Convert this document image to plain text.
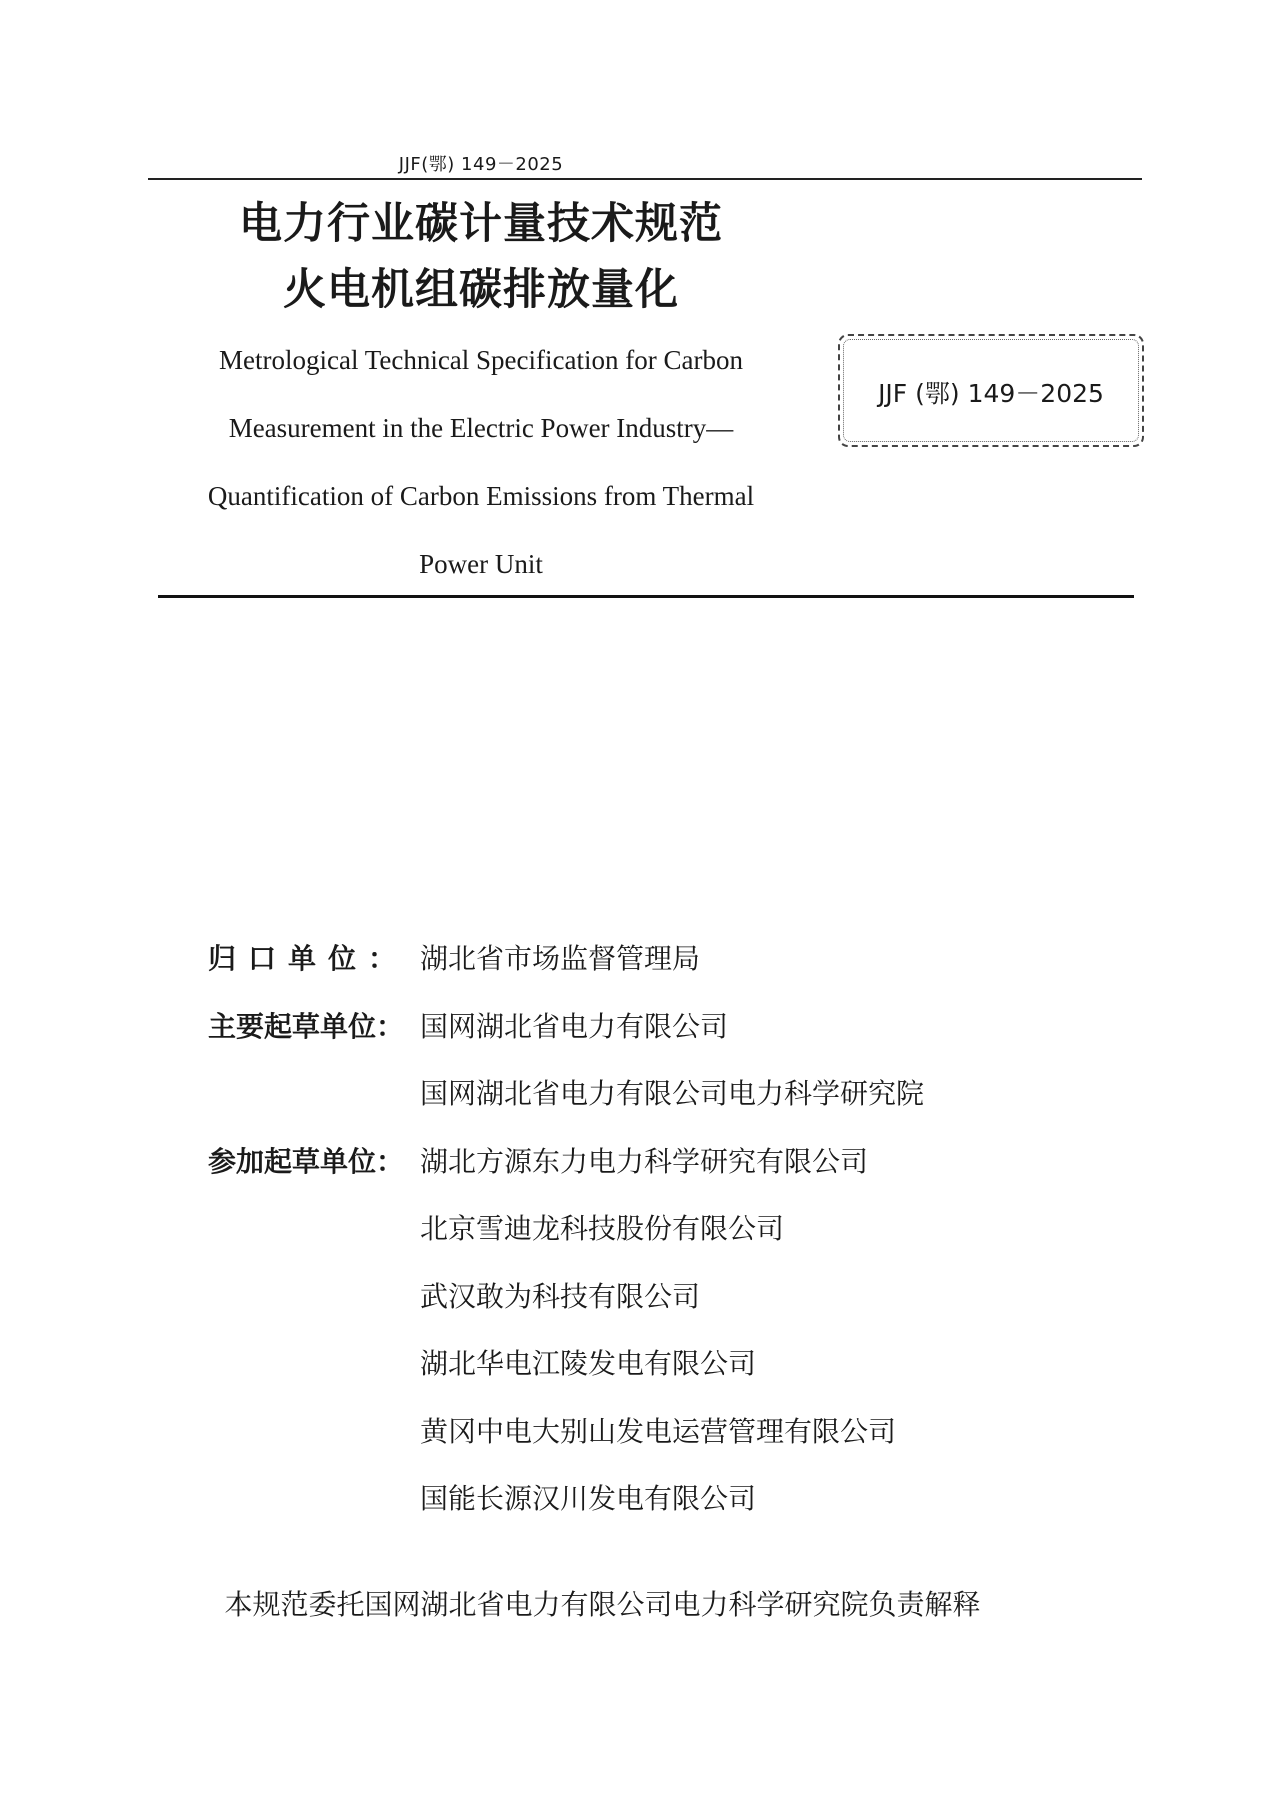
JJF(鄂) 149－2025
电力行业碳计量技术规范
火电机组碳排放量化
Metrological Technical Specification for Carbon
Measurement in the Electric Power Industry—
Quantification of Carbon Emissions from Thermal
Power Unit
JJF (鄂) 149－2025
归口单位： 湖北省市场监督管理局
主要起草单位： 国网湖北省电力有限公司
国网湖北省电力有限公司电力科学研究院
参加起草单位： 湖北方源东力电力科学研究有限公司
北京雪迪龙科技股份有限公司
武汉敢为科技有限公司
湖北华电江陵发电有限公司
黄冈中电大别山发电运营管理有限公司
国能长源汉川发电有限公司
本规范委托国网湖北省电力有限公司电力科学研究院负责解释
